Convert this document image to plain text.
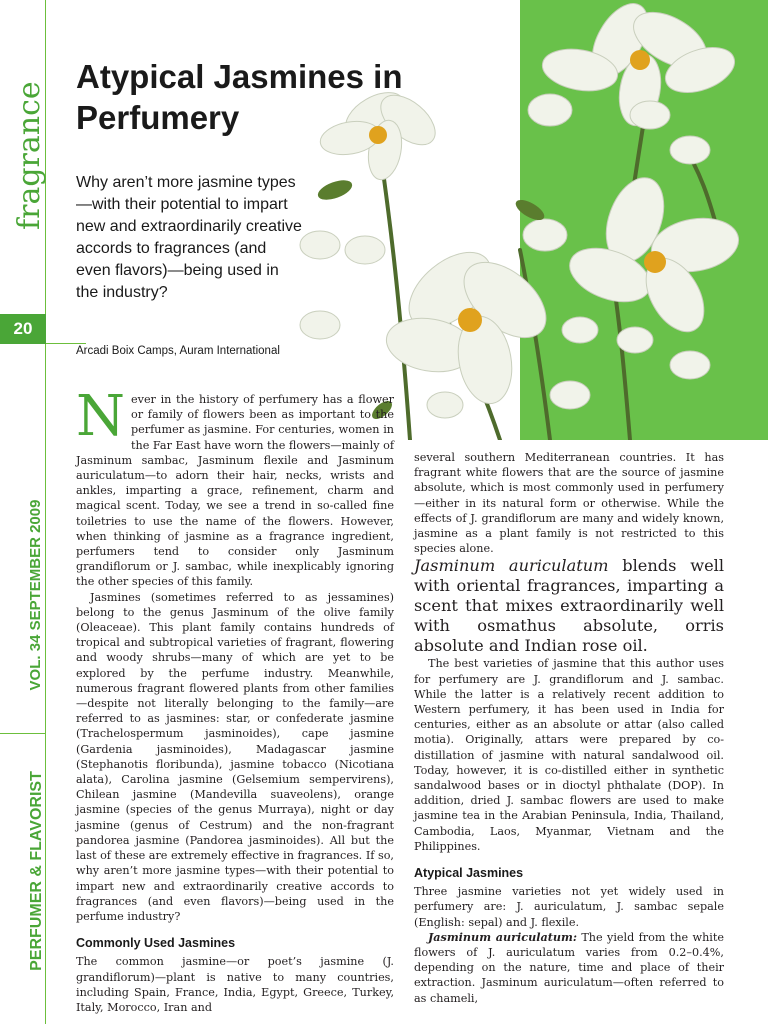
fragrance
20
VOL. 34 SEPTEMBER 2009
PERFUMER & FLAVORIST
Atypical Jasmines in Perfumery

Why aren’t more jasmine types—with their potential to impart new and extraordinarily creative accords to fragrances (and even flavors)—being used in the industry?

Arcadi Boix Camps, Auram International

N ever in the history of perfumery has a flower or family of flowers been as important to the perfumer as jasmine. For centuries, women in the Far East have worn the flowers—mainly of Jasminum sambac, Jasminum flexile and Jasminum auriculatum—to adorn their hair, necks, wrists and ankles, imparting a grace, refinement, charm and magical scent. Today, we see a trend in so-called fine toiletries to use the name of the flowers. However, when thinking of jasmine as a fragrance ingredient, perfumers tend to consider only Jasminum grandiflorum or J. sambac, while inexplicably ignoring the other species of this family.

Jasmines (sometimes referred to as jessamines) belong to the genus Jasminum of the olive family (Oleaceae). This plant family contains hundreds of tropical and subtropical varieties of fragrant, flowering and woody shrubs—many of which are yet to be explored by the perfume industry. Meanwhile, numerous fragrant flowered plants from other families—despite not literally belonging to the family—are referred to as jasmines: star, or confederate jasmine (Trachelospermum jasminoides), cape jasmine (Gardenia jasminoides), Madagascar jasmine (Stephanotis floribunda), jasmine tobacco (Nicotiana alata), Carolina jasmine (Gelsemium sempervirens), Chilean jasmine (Mandevilla suaveolens), orange jasmine (species of the genus Murraya), night or day jasmine (genus of Cestrum) and the non-fragrant pandorea jasmine (Pandorea jasminoides). All but the last of these are extremely effective in fragrances. If so, why aren’t more jasmine types—with their potential to impart new and extraordinarily creative accords to fragrances (and even flavors)—being used in the perfume industry?

Commonly Used Jasmines

The common jasmine—or poet’s jasmine (J. grandiflorum)—plant is native to many countries, including Spain, France, India, Egypt, Greece, Turkey, Italy, Morocco, Iran and

several southern Mediterranean countries. It has fragrant white flowers that are the source of jasmine absolute, which is most commonly used in perfumery—either in its natural form or otherwise. While the effects of J. grandiflorum are many and widely known, jasmine as a plant family is not restricted to this species alone.

Jasminum auriculatum blends well with oriental fragrances, imparting a scent that mixes extraordinarily well with osmathus absolute, orris absolute and Indian rose oil.

The best varieties of jasmine that this author uses for perfumery are J. grandiflorum and J. sambac. While the latter is a relatively recent addition to Western perfumery, it has been used in India for centuries, either as an absolute or attar (also called motia). Originally, attars were prepared by co-distillation of jasmine with natural sandalwood oil. Today, however, it is co-distilled either in synthetic sandalwood bases or in dioctyl phthalate (DOP). In addition, dried J. sambac flowers are used to make jasmine tea in the Arabian Peninsula, India, Thailand, Cambodia, Laos, Myanmar, Vietnam and the Philippines.

Atypical Jasmines

Three jasmine varieties not yet widely used in perfumery are: J. auriculatum, J. sambac sepale (English: sepal) and J. flexile.

Jasminum auriculatum: The yield from the white flowers of J. auriculatum varies from 0.2–0.4%, depending on the nature, time and place of their extraction. Jasminum auriculatum—often referred to as chameli,
